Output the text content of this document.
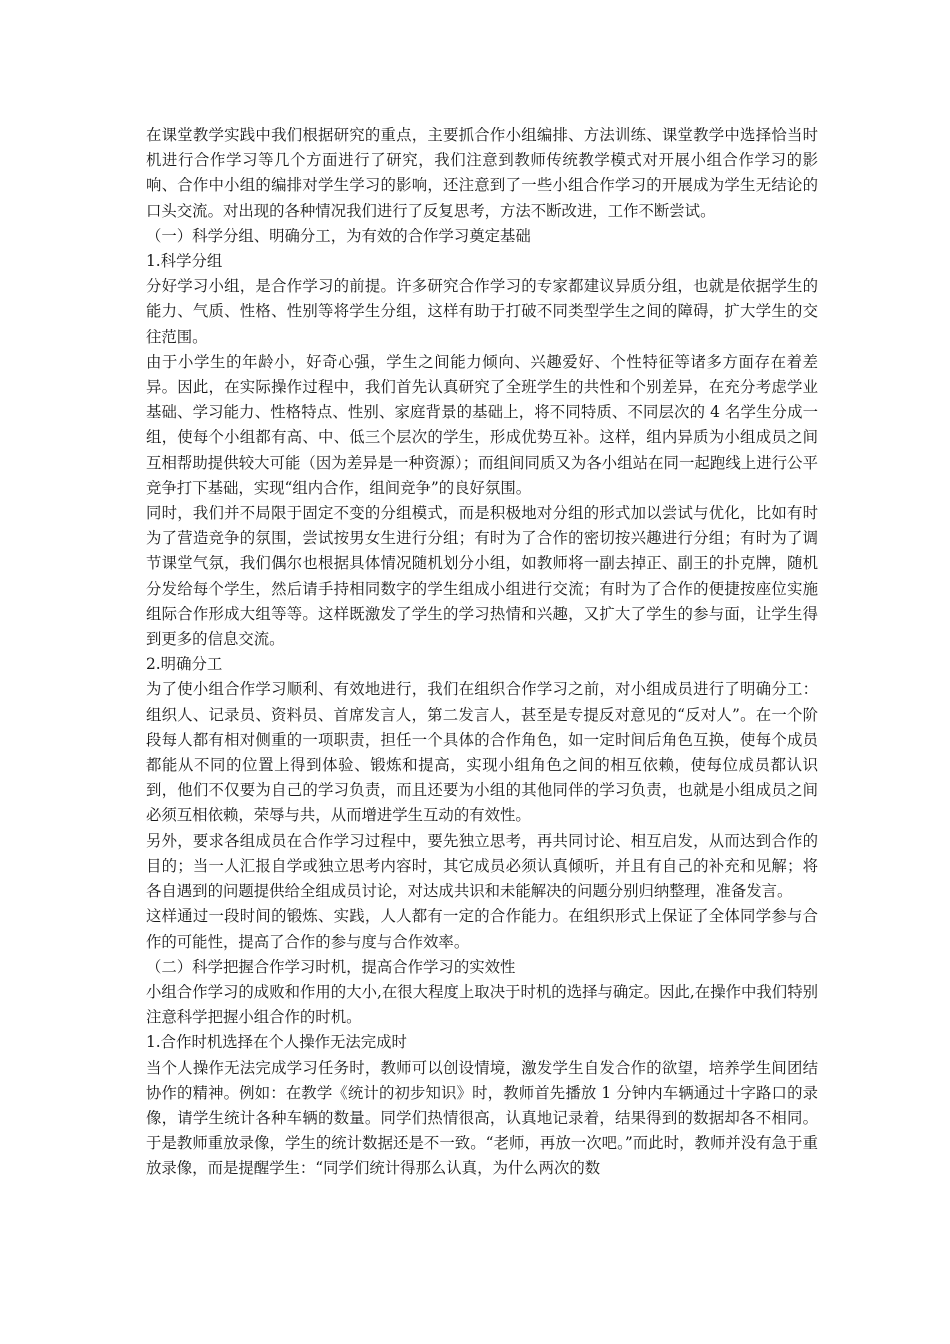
在课堂教学实践中我们根据研究的重点，主要抓合作小组编排、方法训练、课堂教学中选择恰当时机进行合作学习等几个方面进行了研究，我们注意到教师传统教学模式对开展小组合作学习的影响、合作中小组的编排对学生学习的影响，还注意到了一些小组合作学习的开展成为学生无结论的口头交流。对出现的各种情况我们进行了反复思考，方法不断改进，工作不断尝试。

（一）科学分组、明确分工，为有效的合作学习奠定基础

1.科学分组

分好学习小组，是合作学习的前提。许多研究合作学习的专家都建议异质分组，也就是依据学生的能力、气质、性格、性别等将学生分组，这样有助于打破不同类型学生之间的障碍，扩大学生的交往范围。

由于小学生的年龄小，好奇心强，学生之间能力倾向、兴趣爱好、个性特征等诸多方面存在着差异。因此，在实际操作过程中，我们首先认真研究了全班学生的共性和个别差异，在充分考虑学业基础、学习能力、性格特点、性别、家庭背景的基础上，将不同特质、不同层次的 4 名学生分成一组，使每个小组都有高、中、低三个层次的学生，形成优势互补。这样，组内异质为小组成员之间互相帮助提供较大可能（因为差异是一种资源）；而组间同质又为各小组站在同一起跑线上进行公平竞争打下基础，实现“组内合作，组间竞争”的良好氛围。

同时，我们并不局限于固定不变的分组模式，而是积极地对分组的形式加以尝试与优化，比如有时为了营造竞争的氛围，尝试按男女生进行分组；有时为了合作的密切按兴趣进行分组；有时为了调节课堂气氛，我们偶尔也根据具体情况随机划分小组，如教师将一副去掉正、副王的扑克牌，随机分发给每个学生，然后请手持相同数字的学生组成小组进行交流；有时为了合作的便捷按座位实施组际合作形成大组等等。这样既激发了学生的学习热情和兴趣，又扩大了学生的参与面，让学生得到更多的信息交流。

2.明确分工

为了使小组合作学习顺利、有效地进行，我们在组织合作学习之前，对小组成员进行了明确分工：组织人、记录员、资料员、首席发言人，第二发言人，甚至是专提反对意见的“反对人”。在一个阶段每人都有相对侧重的一项职责，担任一个具体的合作角色，如一定时间后角色互换，使每个成员都能从不同的位置上得到体验、锻炼和提高，实现小组角色之间的相互依赖，使每位成员都认识到，他们不仅要为自己的学习负责，而且还要为小组的其他同伴的学习负责，也就是小组成员之间必须互相依赖，荣辱与共，从而增进学生互动的有效性。

另外，要求各组成员在合作学习过程中，要先独立思考，再共同讨论、相互启发，从而达到合作的目的；当一人汇报自学或独立思考内容时，其它成员必须认真倾听，并且有自己的补充和见解；将各自遇到的问题提供给全组成员讨论，对达成共识和未能解决的问题分别归纳整理，准备发言。

这样通过一段时间的锻炼、实践，人人都有一定的合作能力。在组织形式上保证了全体同学参与合作的可能性，提高了合作的参与度与合作效率。

（二）科学把握合作学习时机，提高合作学习的实效性

小组合作学习的成败和作用的大小,在很大程度上取决于时机的选择与确定。因此,在操作中我们特别注意科学把握小组合作的时机。

1.合作时机选择在个人操作无法完成时

当个人操作无法完成学习任务时，教师可以创设情境，激发学生自发合作的欲望，培养学生间团结协作的精神。例如：在教学《统计的初步知识》时，教师首先播放 1 分钟内车辆通过十字路口的录像，请学生统计各种车辆的数量。同学们热情很高，认真地记录着，结果得到的数据却各不相同。于是教师重放录像，学生的统计数据还是不一致。“老师，再放一次吧。”而此时，教师并没有急于重放录像，而是提醒学生：“同学们统计得那么认真，为什么两次的数
